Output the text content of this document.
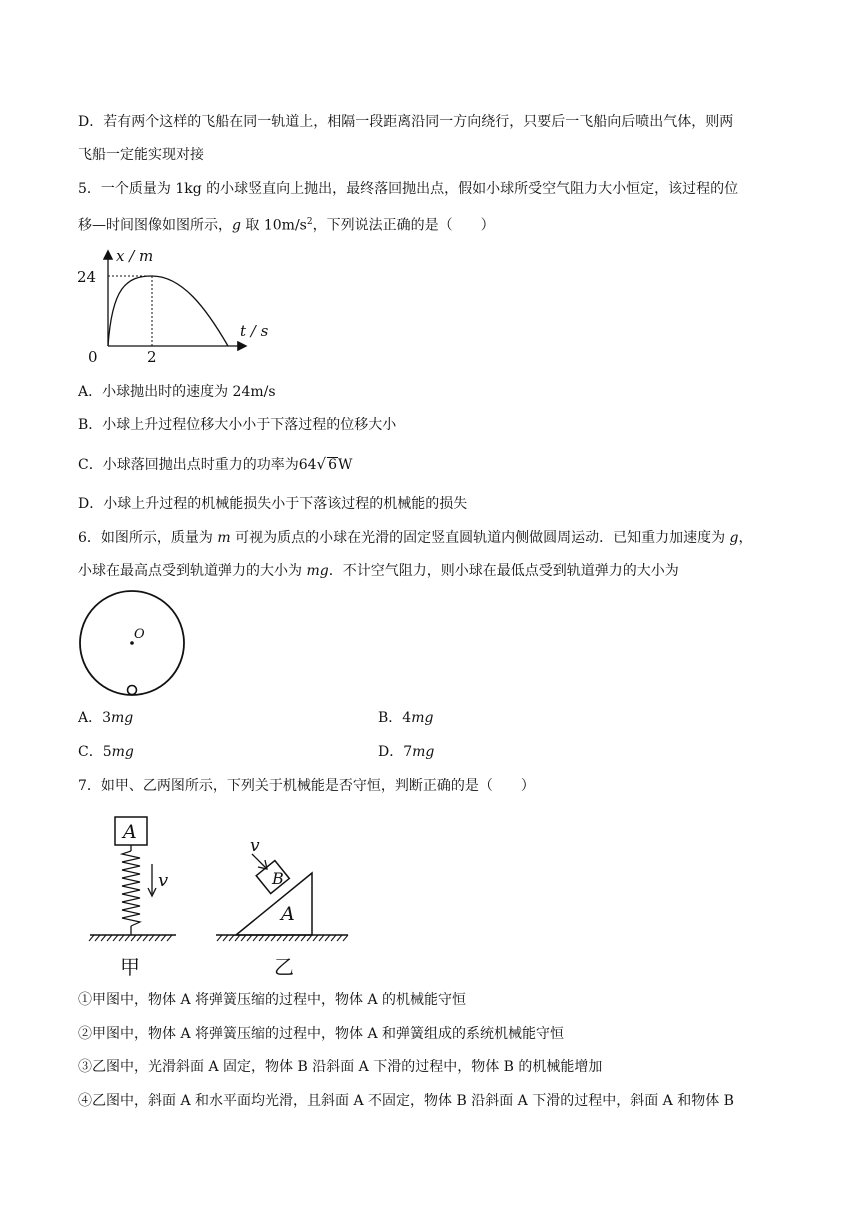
D．若有两个这样的飞船在同一轨道上，相隔一段距离沿同一方向绕行，只要后一飞船向后喷出气体，则两
飞船一定能实现对接
5．一个质量为 1kg 的小球竖直向上抛出，最终落回抛出点，假如小球所受空气阻力大小恒定，该过程的位
移—时间图像如图所示，g 取 $10m/s^2$，下列说法正确的是（　　）
x / m
t / s
24
2
0
A．小球抛出时的速度为 24m/s
B．小球上升过程位移大小小于下落过程的位移大小
C．小球落回抛出点时重力的功率为64√ 6W
D．小球上升过程的机械能损失小于下落该过程的机械能的损失
6．如图所示，质量为 m 可视为质点的小球在光滑的固定竖直圆轨道内侧做圆周运动．已知重力加速度为 g，
小球在最高点受到轨道弹力的大小为 mg．不计空气阻力，则小球在最低点受到轨道弹力的大小为
O
A．3mg	B．4mg
C．5mg	D．7mg
7．如甲、乙两图所示，下列关于机械能是否守恒，判断正确的是（　　）
A
v
甲
A
B
v
乙
①甲图中，物体 A 将弹簧压缩的过程中，物体 A 的机械能守恒
②甲图中，物体 A 将弹簧压缩的过程中，物体 A 和弹簧组成的系统机械能守恒
③乙图中，光滑斜面 A 固定，物体 B 沿斜面 A 下滑的过程中，物体 B 的机械能增加
④乙图中，斜面 A 和水平面均光滑，且斜面 A 不固定，物体 B 沿斜面 A 下滑的过程中，斜面 A 和物体 B
